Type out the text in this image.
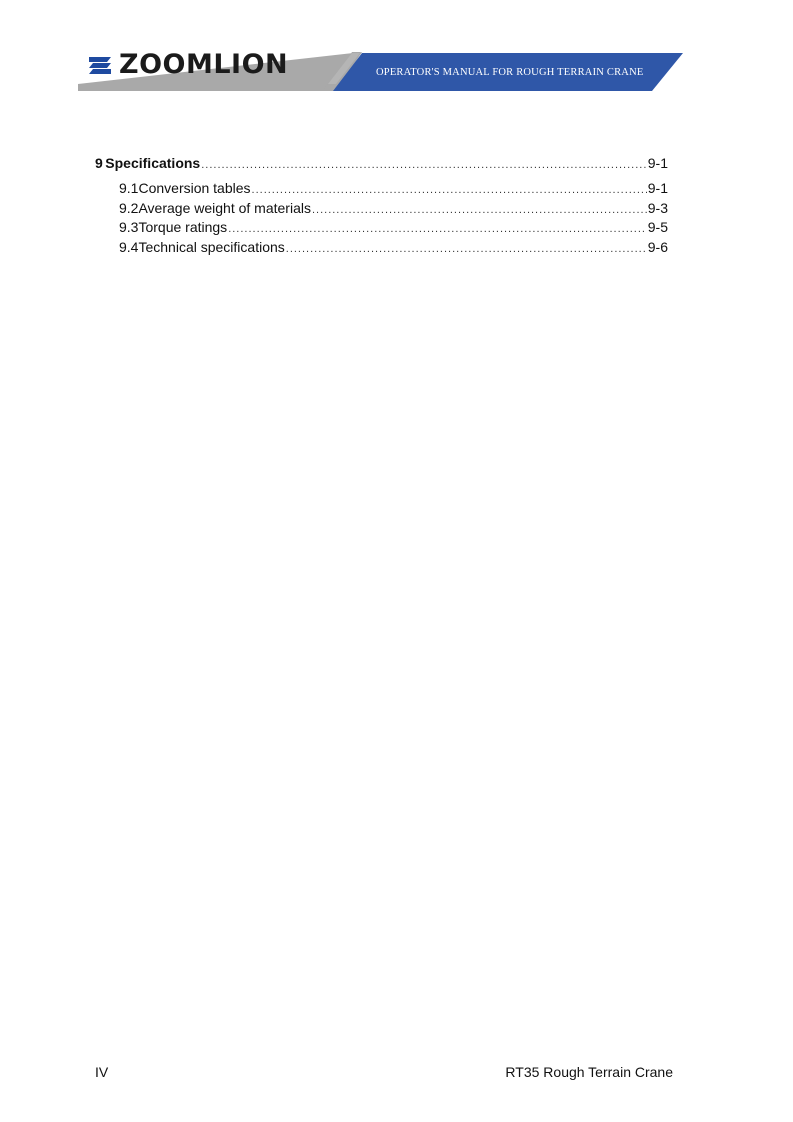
ZOOMLION	OPERATOR'S MANUAL FOR ROUGH TERRAIN CRANE
9 Specifications .....	9-1
9.1 Conversion tables .....	9-1
9.2 Average weight of materials .....	9-3
9.3 Torque ratings .....	9-5
9.4 Technical specifications .....	9-6
IV	RT35 Rough Terrain Crane
